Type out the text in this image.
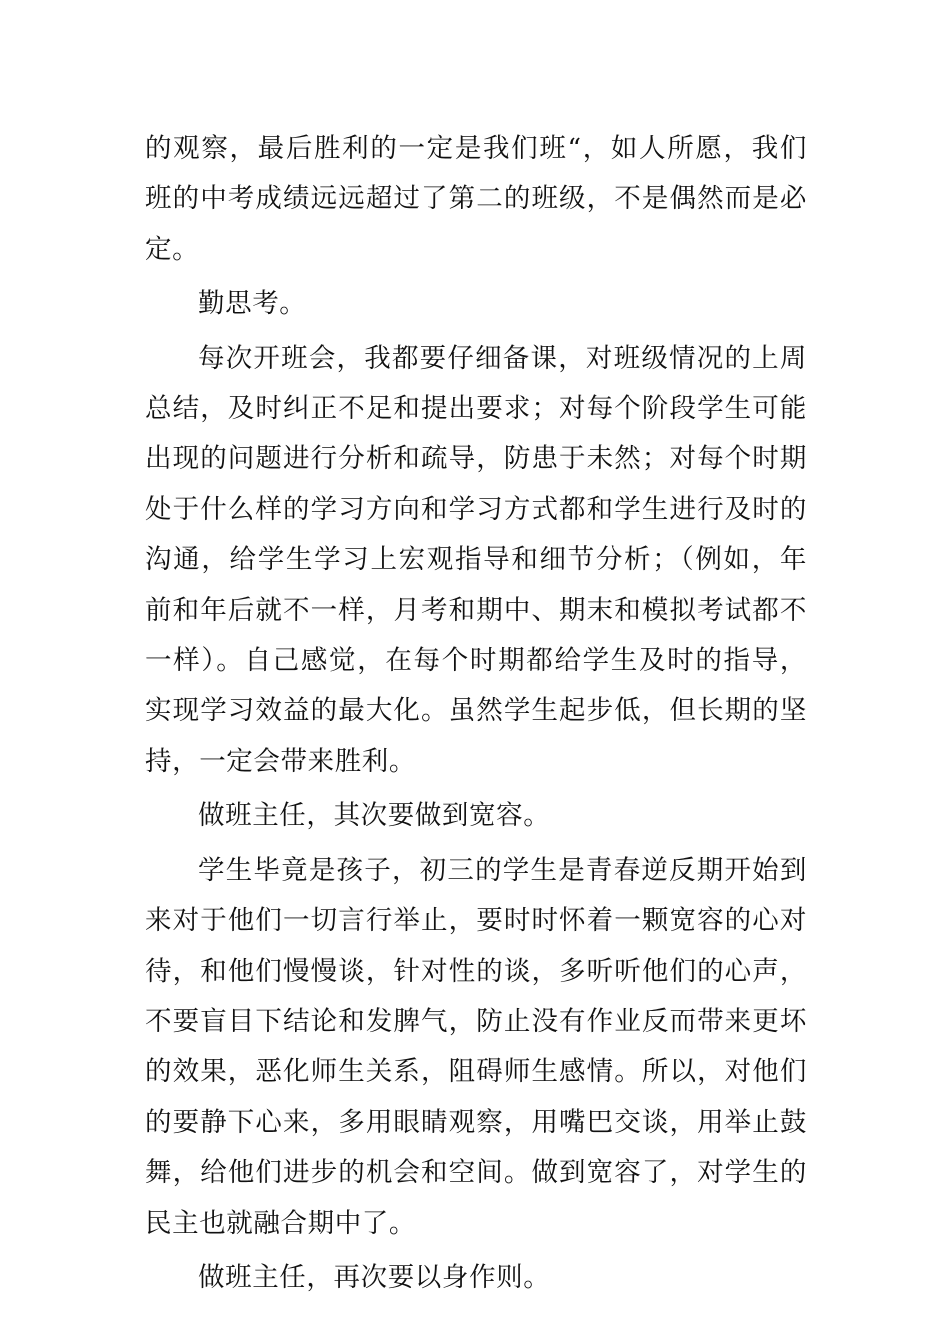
的观察，最后胜利的一定是我们班“，如人所愿，我们班的中考成绩远远超过了第二的班级，不是偶然而是必定。

勤思考。

每次开班会，我都要仔细备课，对班级情况的上周总结，及时纠正不足和提出要求；对每个阶段学生可能出现的问题进行分析和疏导，防患于未然；对每个时期处于什么样的学习方向和学习方式都和学生进行及时的沟通，给学生学习上宏观指导和细节分析；（例如，年前和年后就不一样，月考和期中、期末和模拟考试都不一样）。自己感觉，在每个时期都给学生及时的指导，实现学习效益的最大化。虽然学生起步低，但长期的坚持，一定会带来胜利。

做班主任，其次要做到宽容。

学生毕竟是孩子，初三的学生是青春逆反期开始到来对于他们一切言行举止，要时时怀着一颗宽容的心对待，和他们慢慢谈，针对性的谈，多听听他们的心声，不要盲目下结论和发脾气，防止没有作业反而带来更坏的效果，恶化师生关系，阻碍师生感情。所以，对他们的要静下心来，多用眼睛观察，用嘴巴交谈，用举止鼓舞，给他们进步的机会和空间。做到宽容了，对学生的民主也就融合期中了。

做班主任，再次要以身作则。
